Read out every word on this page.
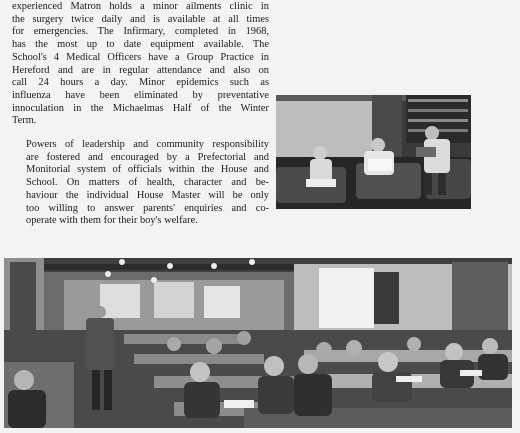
experienced Matron holds a minor ailments clinic in
the surgery twice daily and is available at all times
for emergencies. The Infirmary, completed in 1968,
has the most up to date equipment available. The
School's 4 Medical Officers have a Group Practice in
Hereford and are in regular attendance and also on
call 24 hours a day. Minor epidemics such as
influenza have been eliminated by preventative
innoculation in the Michaelmas Half of the Winter
Term.

Powers of leadership and community responsibility
are fostered and encouraged by a Prefectorial and
Monitorial system of officials within the House and
School. On matters of health, character and be-
haviour the individual House Master will be only
too willing to answer parents' enquiries and co-
operate with them for their boy's welfare.
